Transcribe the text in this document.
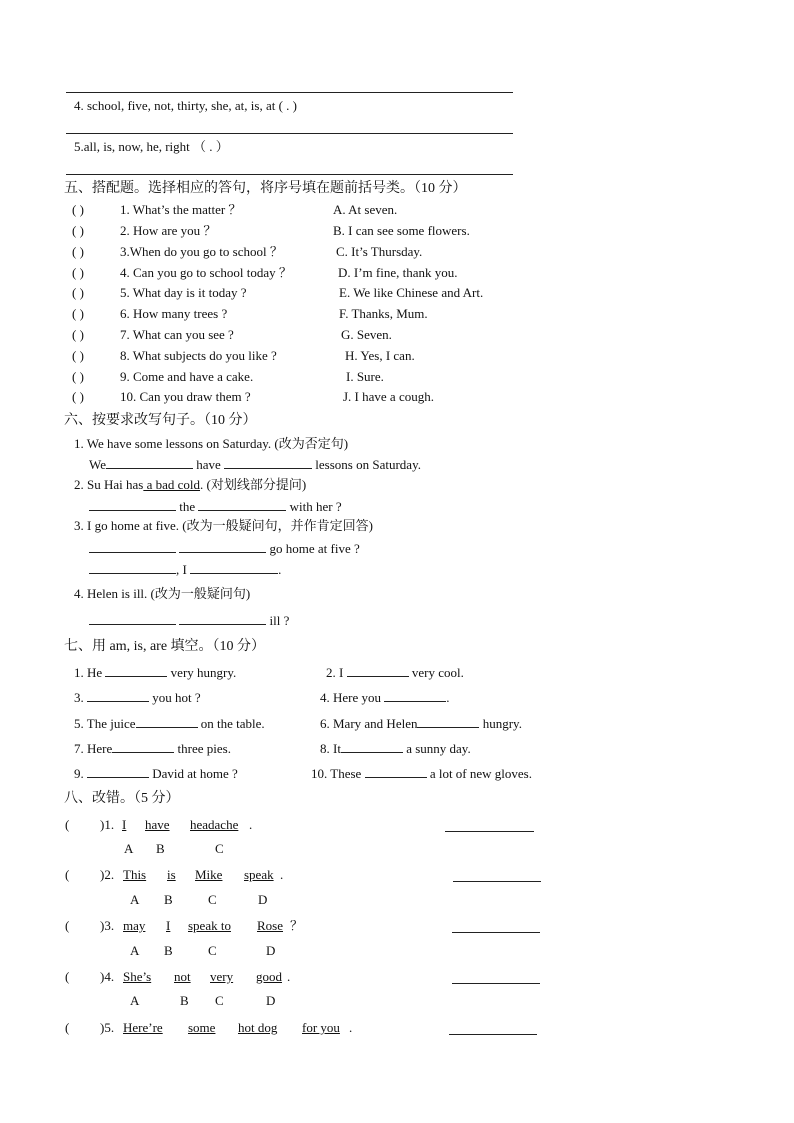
4. school, five, not, thirty, she, at, is, at ( . )
5.all, is, now, he, right （ . ）
五、搭配题。选择相应的答句，将序号填在题前括号类。（10 分）
( )	1. What’s the matter ？	A. At seven.
( )	2. How are you ？	B. I can see some flowers.
( )	3.When do you go to school ？	C. It’s Thursday.
( )	4. Can you go to school today ？	D. I’m fine, thank you.
( )	5. What day is it today ?	E. We like Chinese and Art.
( )	6. How many trees ?	F. Thanks, Mum.
( )	7. What can you see ?	G. Seven.
( )	8. What subjects do you like ?	H. Yes, I can.
( )	9. Come and have a cake.	I. Sure.
( )	10. Can you draw them ?	J. I have a cough.
六、按要求改写句子。（10 分）
1. We have some lessons on Saturday. (改为否定句)
We	have	lessons on Saturday.
2. Su Hai has a bad cold. (对划线部分提问)
the	with her ?
3. I go home at five. (改为一般疑问句，并作肯定回答)
go home at five ?
, I	.
4. Helen is ill. (改为一般疑问句)
ill ?
七、用 am, is, are 填空。（10 分）
1. He	very hungry.	2. I	very cool.
3.	you hot ?	4. Here you	.
5. The juice	on the table.	6. Mary and Helen	hungry.
7. Here	three pies.	8. It	a sunny day.
9.	David at home ?	10. These	a lot of new gloves.
八、改错。（5 分）
( )1. I have headache .
A B	C
( )2. This is Mike speak .
A B	C	D
( )3. may I speak to Rose ？
A B	C	D
( )4. She’s not very good .
A	B C	D
( )5. Here’re some hot dog for you .
